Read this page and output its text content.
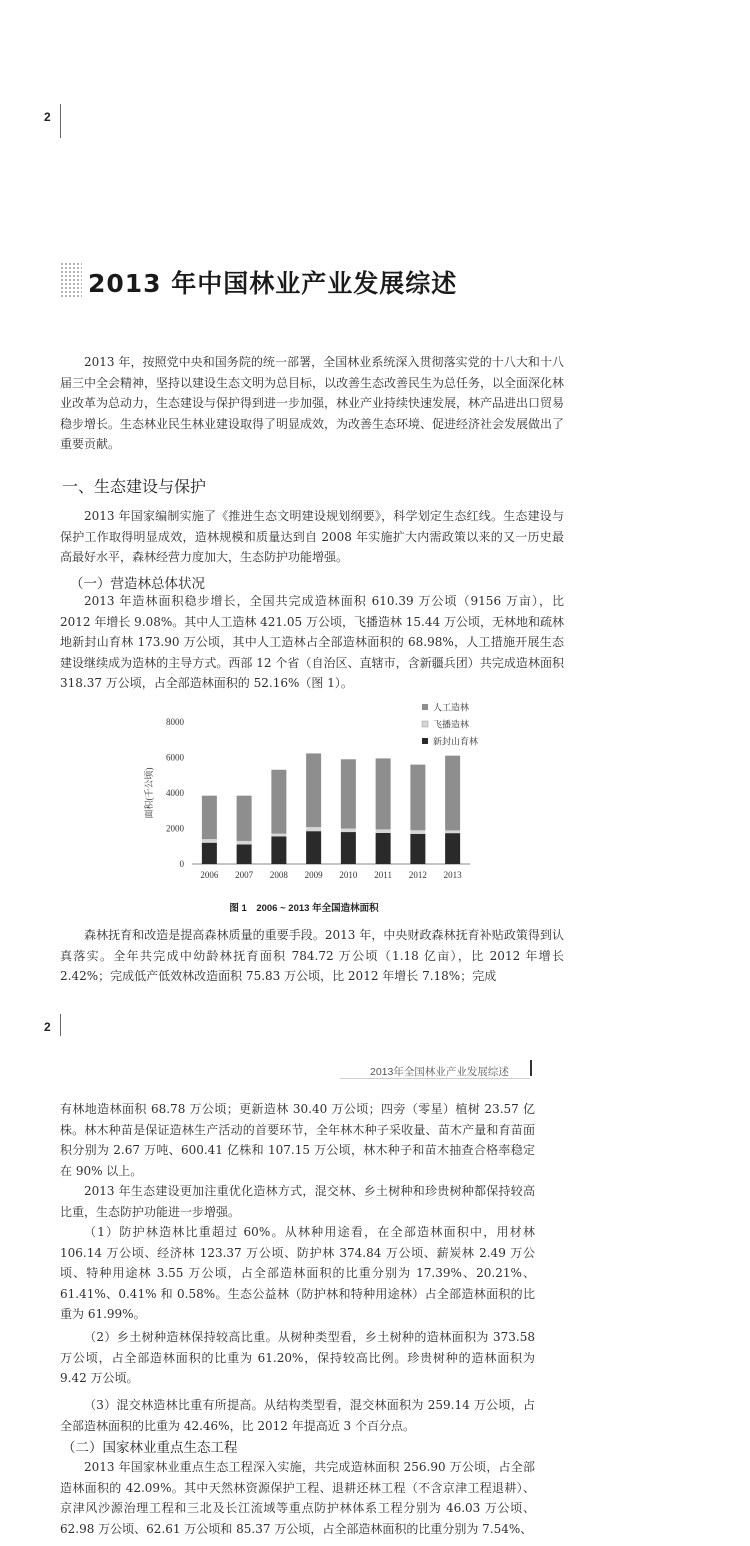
2
2013 年中国林业产业发展综述
2013 年，按照党中央和国务院的统一部署，全国林业系统深入贯彻落实党的十八大和十八届三中全会精神，坚持以建设生态文明为总目标，以改善生态改善民生为总任务，以全面深化林业改革为总动力，生态建设与保护得到进一步加强，林业产业持续快速发展，林产品进出口贸易稳步增长。生态林业民生林业建设取得了明显成效，为改善生态环境、促进经济社会发展做出了重要贡献。
一、生态建设与保护
2013 年国家编制实施了《推进生态文明建设规划纲要》，科学划定生态红线。生态建设与保护工作取得明显成效，造林规模和质量达到自 2008 年实施扩大内需政策以来的又一历史最高最好水平，森林经营力度加大，生态防护功能增强。
（一）营造林总体状况
2013 年造林面积稳步增长，全国共完成造林面积 610.39 万公顷（9156 万亩），比 2012 年增长 9.08%。其中人工造林 421.05 万公顷，飞播造林 15.44 万公顷，无林地和疏林地新封山育林 173.90 万公顷，其中人工造林占全部造林面积的 68.98%，人工措施开展生态建设继续成为造林的主导方式。西部 12 个省（自治区、直辖市，含新疆兵团）共完成造林面积 318.37 万公顷，占全部造林面积的 52.16%（图 1）。
0
2000
4000
6000
8000
面积(千公顷)
2006 2007 2008 2009 2010 2011 2012 2013
人工造林
飞播造林
新封山育林
图 1　2006 ~ 2013 年全国造林面积
森林抚育和改造是提高森林质量的重要手段。2013 年，中央财政森林抚育补贴政策得到认真落实。全年共完成中幼龄林抚育面积 784.72 万公顷（1.18 亿亩），比 2012 年增长 2.42%；完成低产低效林改造面积 75.83 万公顷，比 2012 年增长 7.18%；完成
2
2013年全国林业产业发展综述
有林地造林面积 68.78 万公顷；更新造林 30.40 万公顷；四旁（零星）植树 23.57 亿株。林木种苗是保证造林生产活动的首要环节，全年林木种子采收量、苗木产量和育苗面积分别为 2.67 万吨、600.41 亿株和 107.15 万公顷，林木种子和苗木抽查合格率稳定在 90% 以上。
2013 年生态建设更加注重优化造林方式，混交林、乡土树种和珍贵树种都保持较高比重，生态防护功能进一步增强。
（1）防护林造林比重超过 60%。从林种用途看，在全部造林面积中，用材林 106.14 万公顷、经济林 123.37 万公顷、防护林 374.84 万公顷、薪炭林 2.49 万公顷、特种用途林 3.55 万公顷，占全部造林面积的比重分别为 17.39%、20.21%、61.41%、0.41% 和 0.58%。生态公益林（防护林和特种用途林）占全部造林面积的比重为 61.99%。
（2）乡土树种造林保持较高比重。从树种类型看，乡土树种的造林面积为 373.58 万公顷，占全部造林面积的比重为 61.20%，保持较高比例。珍贵树种的造林面积为 9.42 万公顷。
（3）混交林造林比重有所提高。从结构类型看，混交林面积为 259.14 万公顷，占全部造林面积的比重为 42.46%，比 2012 年提高近 3 个百分点。
（二）国家林业重点生态工程
2013 年国家林业重点生态工程深入实施，共完成造林面积 256.90 万公顷，占全部造林面积的 42.09%。其中天然林资源保护工程、退耕还林工程（不含京津工程退耕）、京津风沙源治理工程和三北及长江流域等重点防护林体系工程分别为 46.03 万公顷、62.98 万公顷、62.61 万公顷和 85.37 万公顷，占全部造林面积的比重分别为 7.54%、
